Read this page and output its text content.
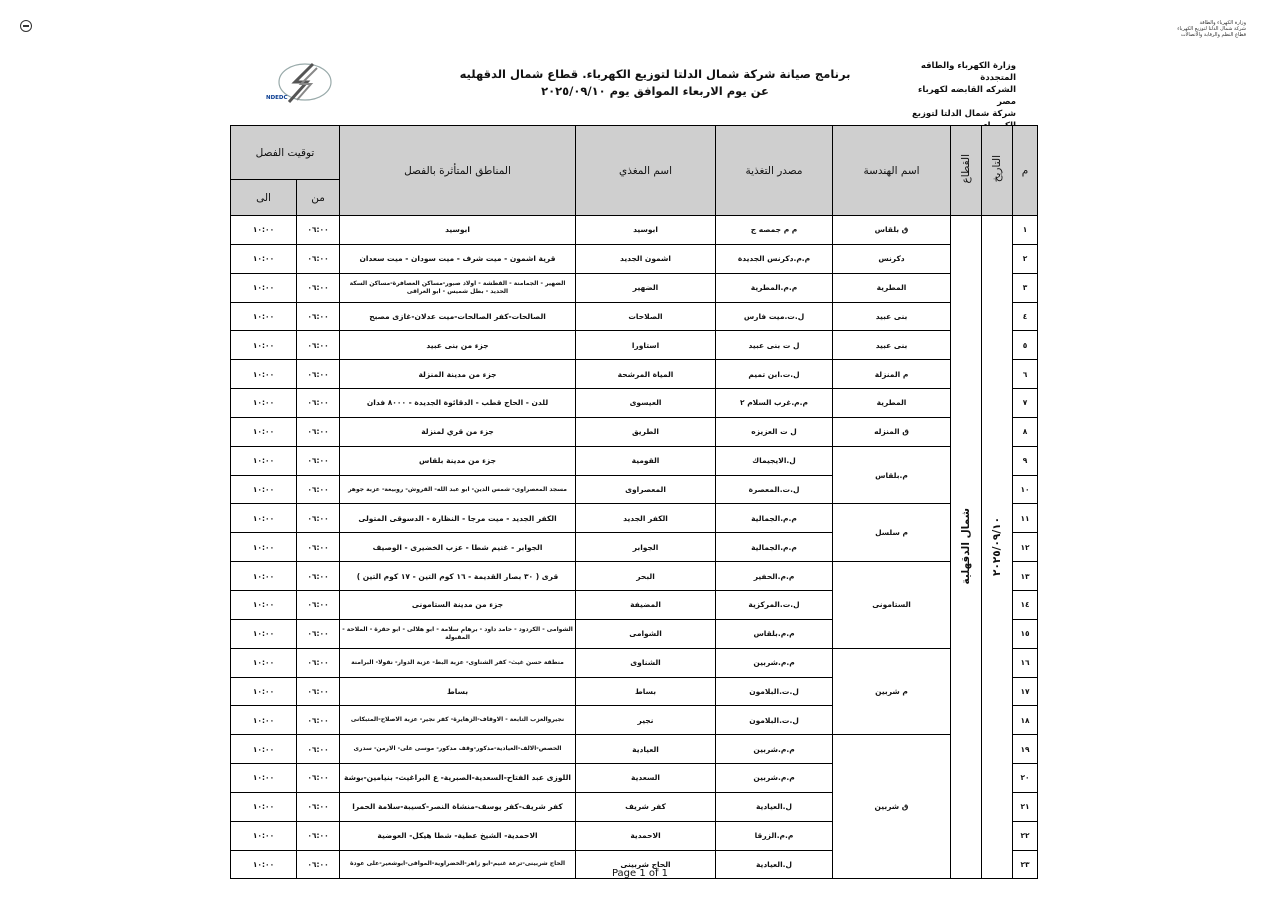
وزارة الكهرباء والطاقة
شركة شمال الدلتا لتوزيع الكهرباء
قطاع النظم والرقابة والاتصالات
وزارة الكهرباء والطاقه المتجددة
الشركه القابضه لكهرباء مصر
شركة شمال الدلتا لتوزيع
برنامج صيانة شركة شمال الدلتا لتوزيع الكهرباء. قطاع شمال الدقهليه
عن يوم الاربعاء الموافق يوم ٢٠٢٥/٠٩/١٠
NDEDC
م	التاريخ	القطاع	اسم الهندسة	مصدر التغذية	اسم المغذي	المناطق المتأثرة بالفصل	توقيت الفصل	
							من	الى
١	٢٠٢٥/٠٩/١٠	شمال الدقهلية	ق بلقاس	م م جمصه ج	ابوسيد	ابوسيد	٠٦:٠٠	١٠:٠٠
٢			دكرنس	م.م.دكرنس الجديدة	اشمون الجديد	قرية اشمون - ميت شرف - ميت سودان - ميت سعدان	٠٦:٠٠	١٠:٠٠
٣			المطرية	م.م.المطرية	الضهير	الضهير - الجمامنة - القطشة - اولاد صبور-مساكن العصافرة-مساكن السكة الحديد - بطل شميس - ابو العراقى	٠٦:٠٠	١٠:٠٠
٤			بنى عبيد	ل.ت.ميت فارس	الصلاحات	الصالحات-كفر الصالحات-ميت عدلان-غازى مصبح	٠٦:٠٠	١٠:٠٠
٥			بنى عبيد	ل ت بنى عبيد	استاورا	جزء من بنى عبيد	٠٦:٠٠	١٠:٠٠
٦			م المنزلة	ل.ت.ابن تميم	المياة المرشحة	جزء من مدينة المنزلة	٠٦:٠٠	١٠:٠٠
٧			المطرية	م.م.غرب السلام ٢	العيسوى	للدن - الحاج قطب - الدقائوة الجديدة - ٨٠٠٠ فدان	٠٦:٠٠	١٠:٠٠
٨			ق المنزله	ل ت العزيزه	الطريق	جزء من قري لمنزلة	٠٦:٠٠	١٠:٠٠
٩			م.بلقاس	ل.الايجيماك	القومية	جزء من مدينة بلقاس	٠٦:٠٠	١٠:٠٠
١٠				ل.ت.المعصرة	المعصراوى	مسجد المعصراوى- شمس الدين- ابو عبد الله- القروش- روبيعة- عزبة جوهر	٠٦:٠٠	١٠:٠٠
١١			م سلسل	م.م.الجمالية	الكفر الجديد	الكفر الجديد - ميت مرجا - النظارة - الدسوقى المتولى	٠٦:٠٠	١٠:٠٠
١٢				م.م.الجمالية	الجوابر	الجوابر - غنيم شطا - عزب الخضيرى - الوصيف	٠٦:٠٠	١٠:٠٠
١٣			الستامونى	م.م.الحفير	البحر	قرى ( ٣٠ بصار القديمة - ١٦ كوم التين - ١٧ كوم التين )	٠٦:٠٠	١٠:٠٠
١٤				ل.ت.المركزية	المضيفة	جزء من مدينة الستامونى	٠٦:٠٠	١٠:٠٠
١٥				م.م.بلقاس	الشوامى	الشوامى - الكردود - حامد داود - برهام سلامة - ابو هلالى - ابو حقرة - الملاحة - المقبولة	٠٦:٠٠	١٠:٠٠
١٦			م شربين	م.م.شربين	الشناوى	منطقة حسن غيث- كفر الشناوى- عزبة البط- عزبة الدوار- نقولا- البرامنة	٠٦:٠٠	١٠:٠٠
١٧				ل.ت.البلامون	بساط	بساط	٠٦:٠٠	١٠:٠٠
١٨				ل.ت.البلامون	نجير	نجيروالعزب التابعة - الاوقاف-الزهايرة- كفر نجير- عزبة الاصلاح-المتبكانى	٠٦:٠٠	١٠:٠٠
١٩			ق شربين	م.م.شربين	العيادية	الحصص-الالف-العيادية-مدكور-وقف مدكور- موسى على- الارمن- سدرى	٠٦:٠٠	١٠:٠٠
٢٠				م.م.شربين	السعدية	اللوزى عبد الفتاح-السعدية-الصبرية- ع البراغيث- بنيامين-بوشة	٠٦:٠٠	١٠:٠٠
٢١				ل.العيادية	كفر شريف	كفر شريف-كفر يوسف-منشاة النصر-كسيبة-سلامة الحمرا	٠٦:٠٠	١٠:٠٠
٢٢				م.م.الزرقا	الاحمدية	الاحمدية- الشيخ عطية- شطا هيكل- العوضية	٠٦:٠٠	١٠:٠٠
٢٣				ل.العيادية	الحاج شربينى	الحاج شربينى-ترعة غنيم-ابو زاهر-الخضراوية-الموافى-ابوشعير-على عودة	٠٦:٠٠	١٠:٠٠
Page 1 of 1
